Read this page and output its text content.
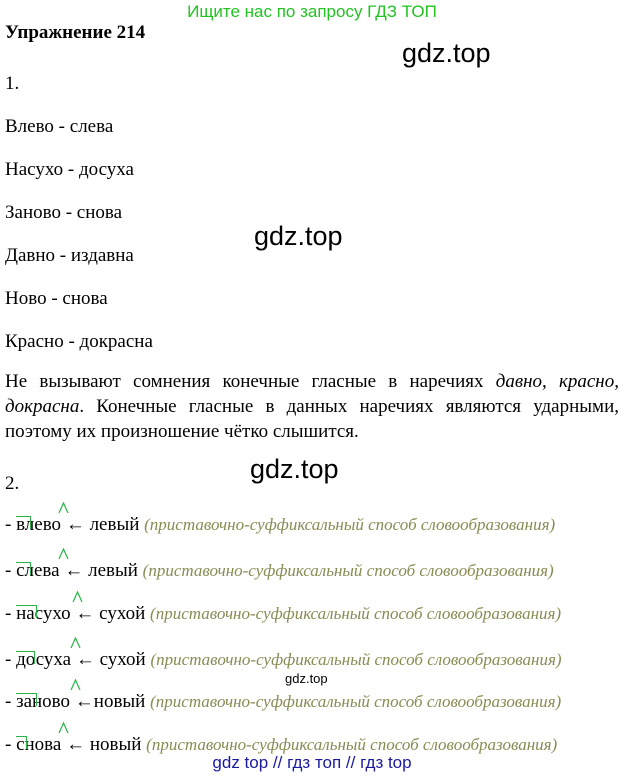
Ищите нас по запросу ГДЗ ТОП
Упражнение 214
gdz.top
gdz.top
gdz.top
gdz.top
1.
Влево - слева
Насухо - досуха
Заново - снова
Давно - издавна
Ново - снова
Красно - докрасна
Не вызывают сомнения конечные гласные в наречиях давно, красно, докрасна. Конечные гласные в данных наречиях являются ударными, поэтому их произношение чётко слышится.
2.
-
влево ← левый (приставочно-суффиксальный способ словообразования)
-
слева ← левый (приставочно-суффиксальный способ словообразования)
-
насухо ← сухой (приставочно-суффиксальный способ словообразования)
-
досуха ← сухой (приставочно-суффиксальный способ словообразования)
-
заново ←новый (приставочно-суффиксальный способ словообразования)
-
снова ← новый (приставочно-суффиксальный способ словообразования)
gdz top // гдз топ // гдз top
